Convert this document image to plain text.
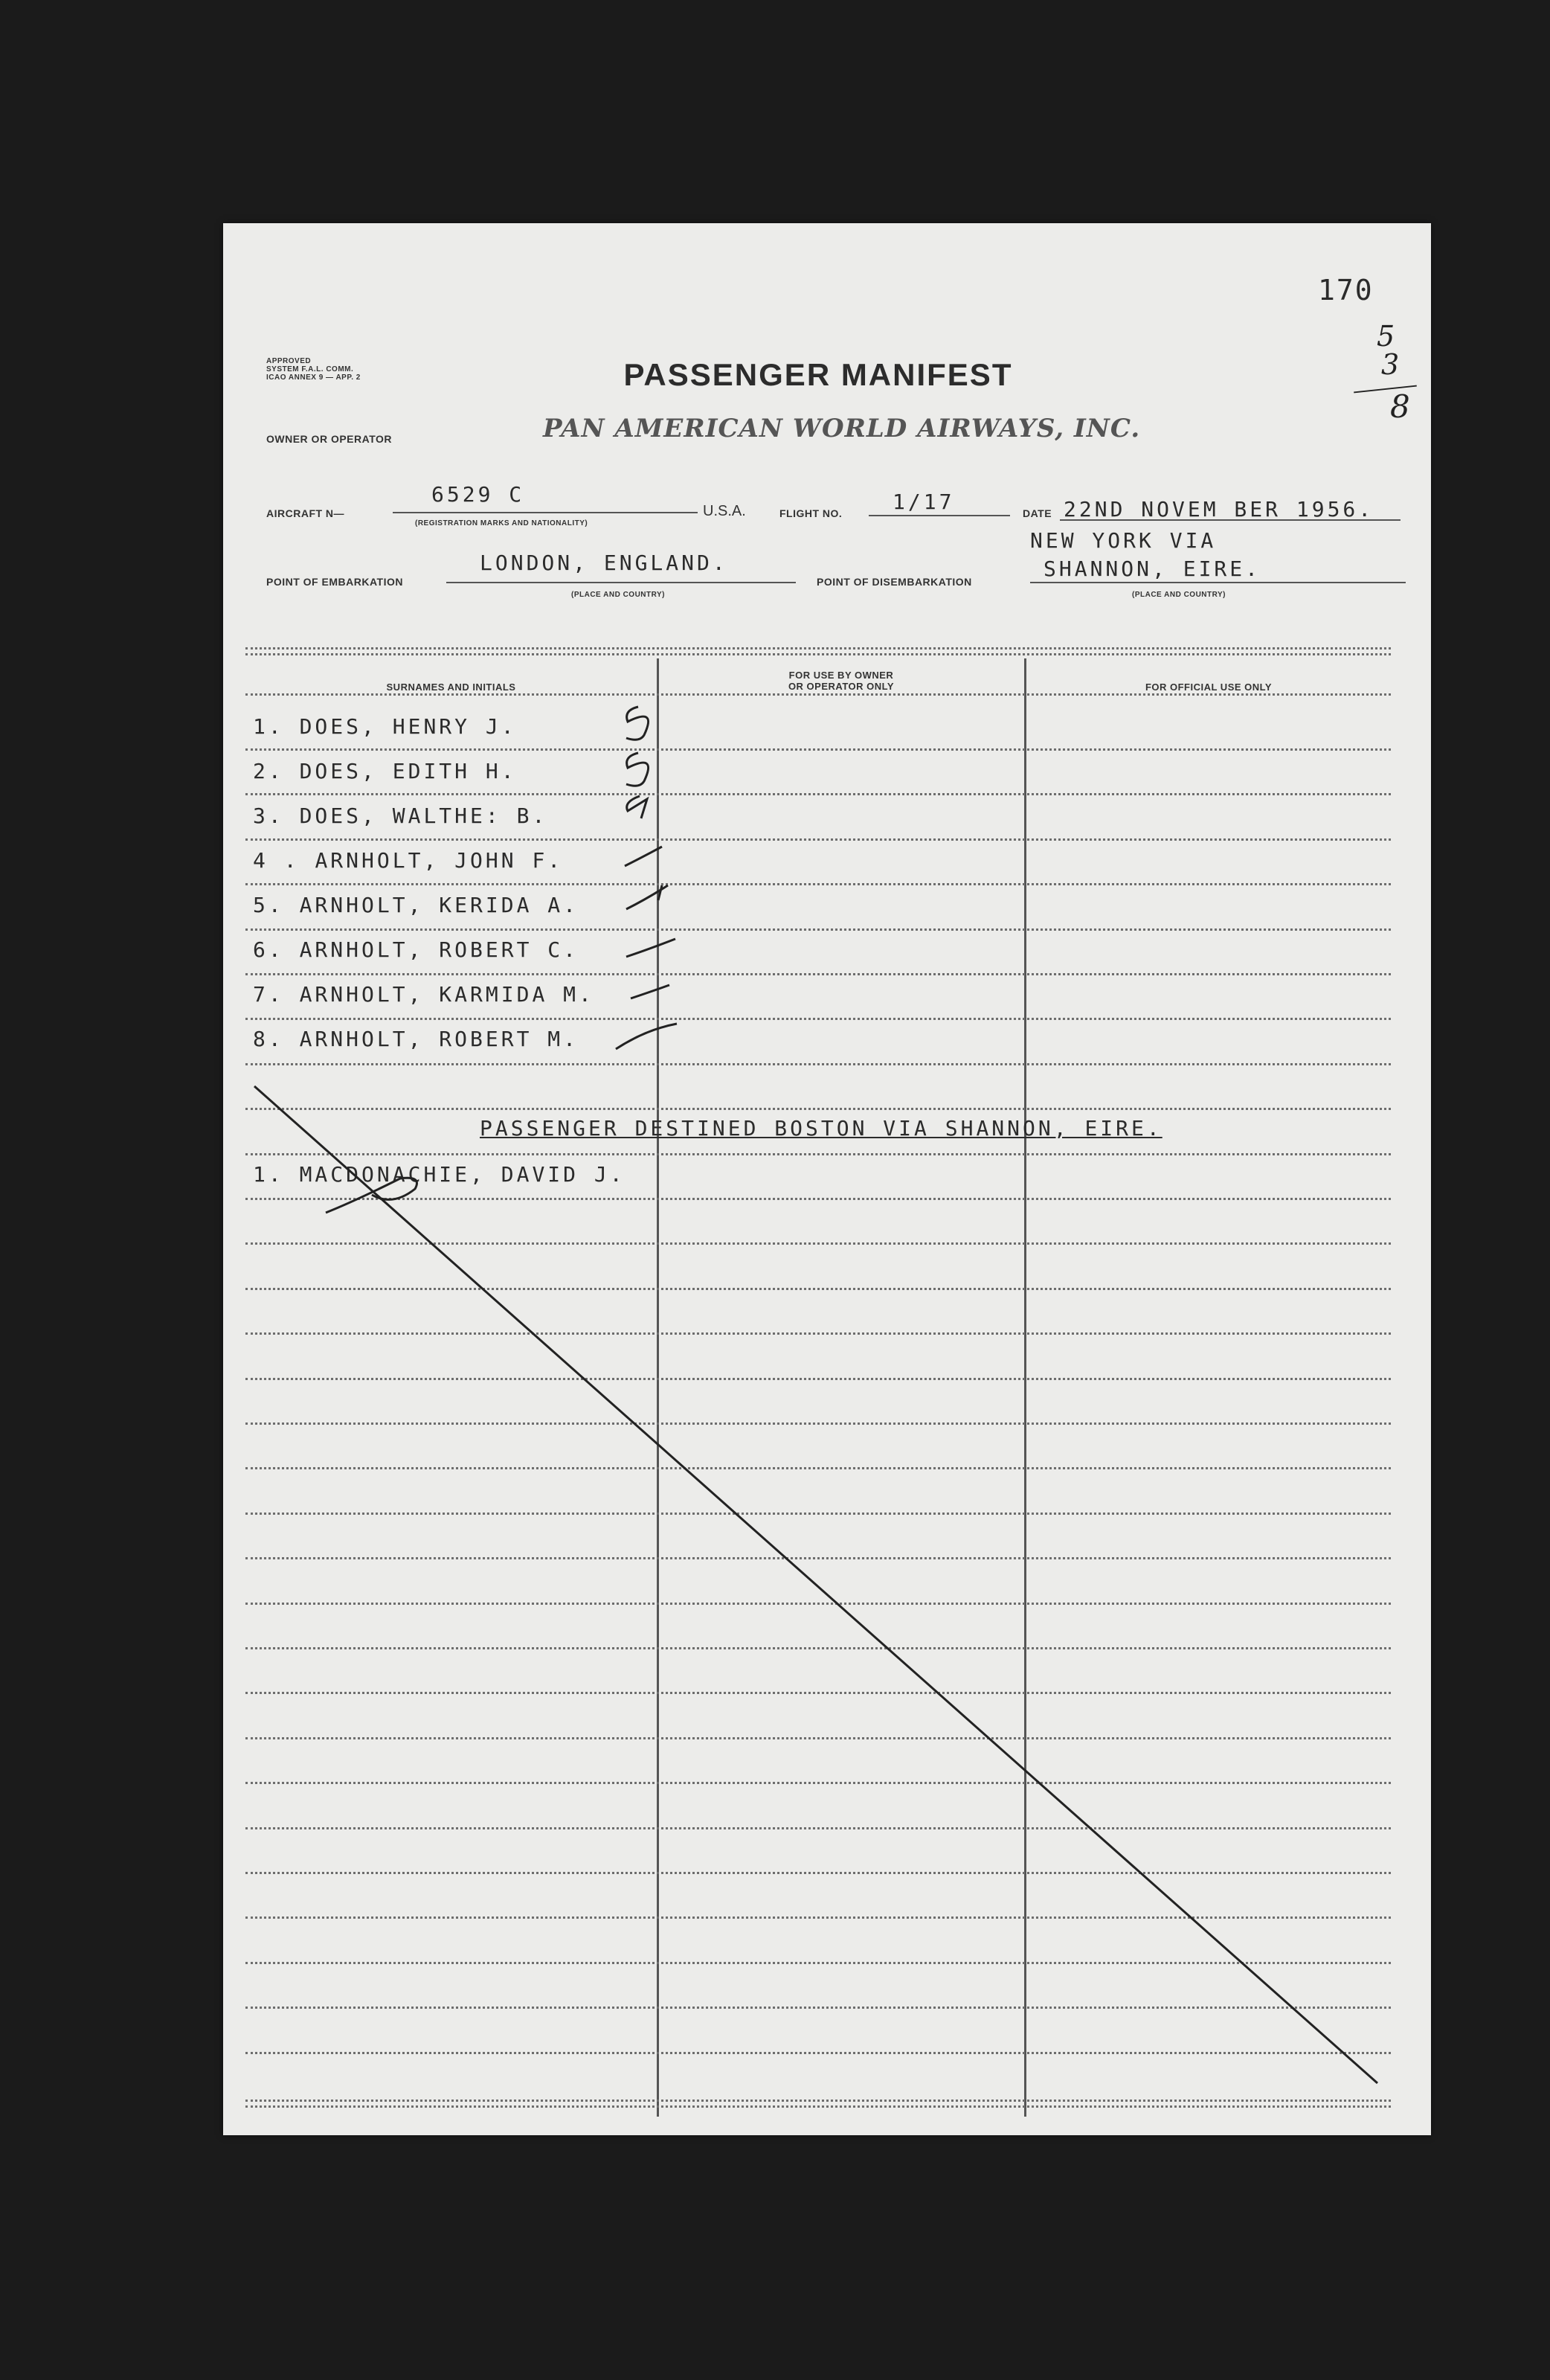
170
5
3
8
APPROVED
SYSTEM F.A.L. COMM.
ICAO ANNEX 9 — APP. 2	PASSENGER MANIFEST
OWNER OR OPERATOR	PAN AMERICAN WORLD AIRWAYS, INC.
AIRCRAFT N—
6529 C
(REGISTRATION MARKS AND NATIONALITY)
U.S.A.	FLIGHT NO. 1/17	DATE 22ND NOVEM BER 1956.
NEW YORK VIA
POINT OF EMBARKATION
LONDON, ENGLAND.
(PLACE AND COUNTRY)
POINT OF DISEMBARKATION
SHANNON, EIRE.
(PLACE AND COUNTRY)
SURNAMES AND INITIALS
FOR USE BY OWNER
OR OPERATOR ONLY	FOR OFFICIAL USE ONLY
1. DOES, HENRY J.
2. DOES, EDITH H.
3. DOES, WALTHE: B.
4 . ARNHOLT, JOHN F.
5. ARNHOLT, KERIDA A.
6. ARNHOLT, ROBERT C.
7. ARNHOLT, KARMIDA M.
8. ARNHOLT, ROBERT M.
PASSENGER DESTINED BOSTON VIA SHANNON, EIRE.
1. MACDONACHIE, DAVID J.
